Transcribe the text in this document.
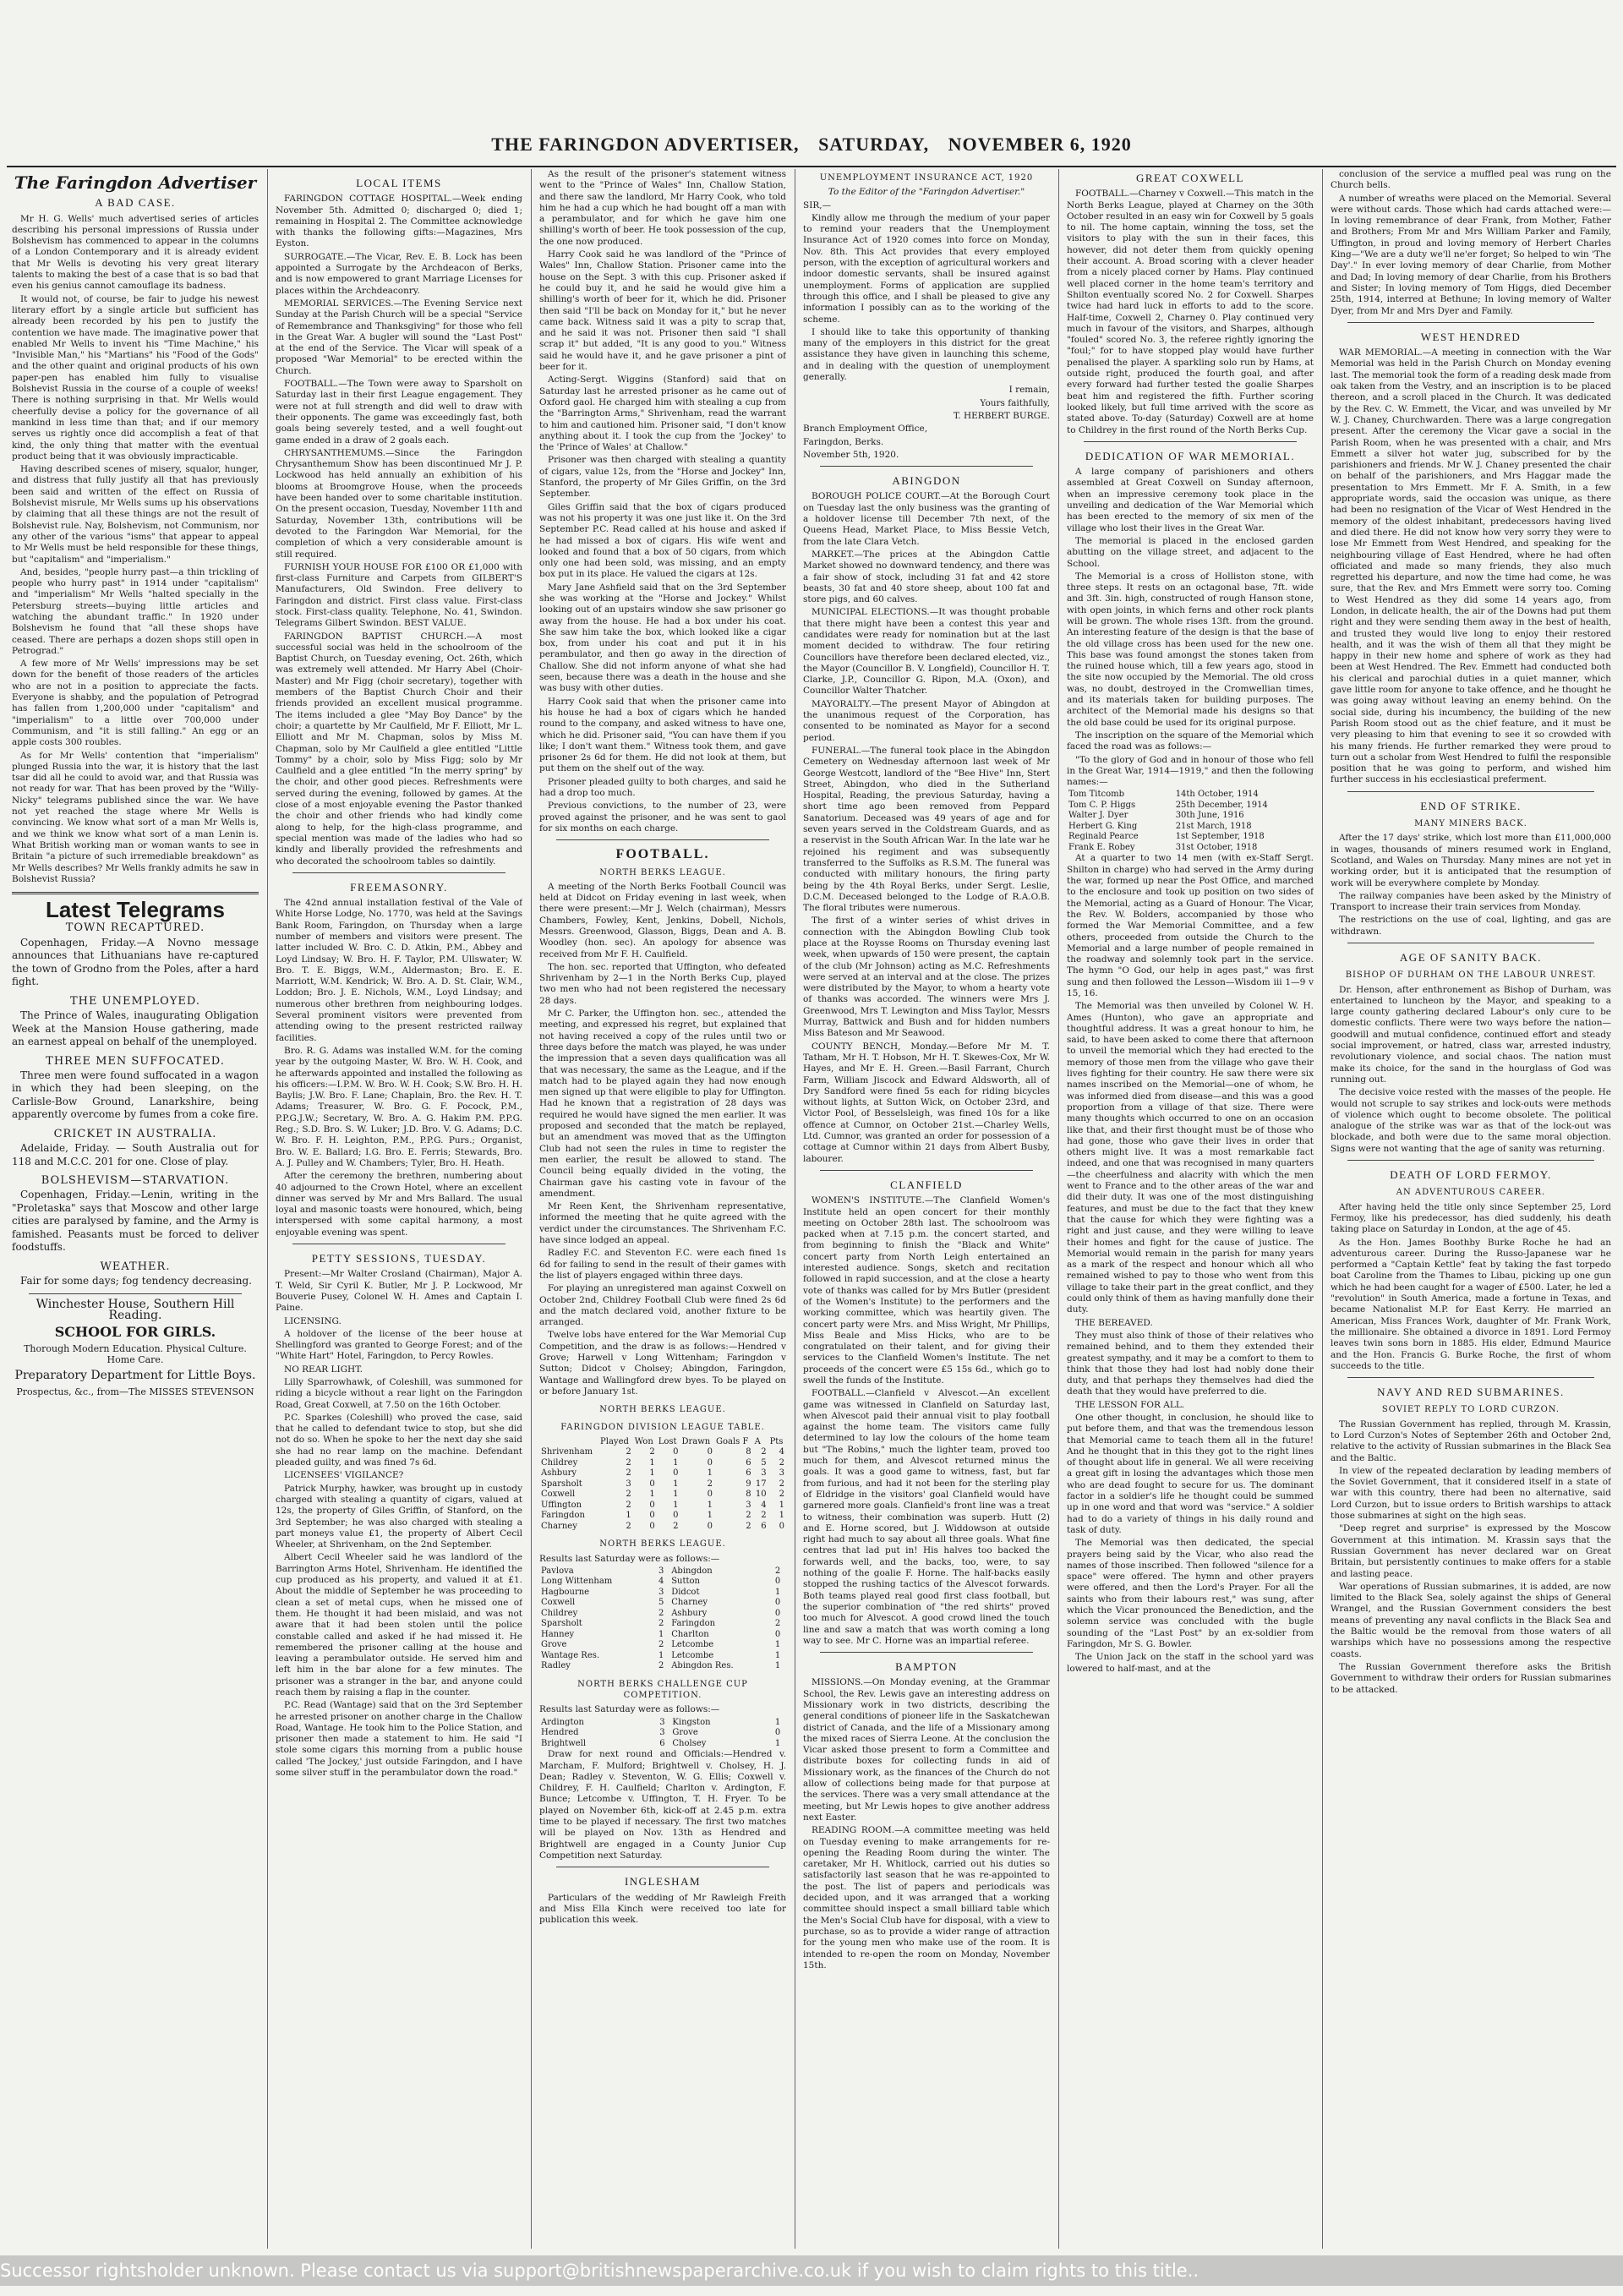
THE FARINGDON ADVERTISER, SATURDAY, NOVEMBER 6, 1920
The Faringdon Advertiser
A BAD CASE.

Mr H. G. Wells' much advertised series of articles describing his personal impressions of Russia under Bolshevism has commenced to appear in the columns of a London Contemporary and it is already evident that Mr Wells is devoting his very great literary talents to making the best of a case that is so bad that even his genius cannot camouflage its badness.

It would not, of course, be fair to judge his newest literary effort by a single article but sufficient has already been recorded by his pen to justify the contention we have made. The imaginative power that enabled Mr Wells to invent his "Time Machine," his "Invisible Man," his "Martians" his "Food of the Gods" and the other quaint and original products of his own paper-pen has enabled him fully to visualise Bolshevist Russia in the course of a couple of weeks! There is nothing surprising in that. Mr Wells would cheerfully devise a policy for the governance of all mankind in less time than that; and if our memory serves us rightly once did accomplish a feat of that kind, the only thing that matter with the eventual product being that it was obviously impracticable.

Having described scenes of misery, squalor, hunger, and distress that fully justify all that has previously been said and written of the effect on Russia of Bolshevist misrule, Mr Wells sums up his observations by claiming that all these things are not the result of Bolshevist rule. Nay, Bolshevism, not Communism, nor any other of the various "isms" that appear to appeal to Mr Wells must be held responsible for these things, but "capitalism" and "imperialism."

And, besides, "people hurry past—a thin trickling of people who hurry past" in 1914 under "capitalism" and "imperialism" Mr Wells "halted specially in the Petersburg streets—buying little articles and watching the abundant traffic." In 1920 under Bolshevism he found that "all these shops have ceased. There are perhaps a dozen shops still open in Petrograd."

A few more of Mr Wells' impressions may be set down for the benefit of those readers of the articles who are not in a position to appreciate the facts. Everyone is shabby, and the population of Petrograd has fallen from 1,200,000 under "capitalism" and "imperialism" to a little over 700,000 under Communism, and "it is still falling." An egg or an apple costs 300 roubles.

As for Mr Wells' contention that "imperialism" plunged Russia into the war, it is history that the last tsar did all he could to avoid war, and that Russia was not ready for war. That has been proved by the "Willy-Nicky" telegrams published since the war. We have not yet reached the stage where Mr Wells is convincing. We know what sort of a man Mr Wells is, and we think we know what sort of a man Lenin is. What British working man or woman wants to see in Britain "a picture of such irremediable breakdown" as Mr Wells describes? Mr Wells frankly admits he saw in Bolshevist Russia?

Latest Telegrams
TOWN RECAPTURED.

Copenhagen, Friday.—A Novno message announces that Lithuanians have re-captured the town of Grodno from the Poles, after a hard fight.

THE UNEMPLOYED.

The Prince of Wales, inaugurating Obligation Week at the Mansion House gathering, made an earnest appeal on behalf of the unemployed.

THREE MEN SUFFOCATED.

Three men were found suffocated in a wagon in which they had been sleeping, on the Carlisle-Bow Ground, Lanarkshire, being apparently overcome by fumes from a coke fire.

CRICKET IN AUSTRALIA.

Adelaide, Friday. — South Australia out for 118 and M.C.C. 201 for one. Close of play.

BOLSHEVISM—STARVATION.

Copenhagen, Friday.—Lenin, writing in the "Proletaska" says that Moscow and other large cities are paralysed by famine, and the Army is famished. Peasants must be forced to deliver foodstuffs.

WEATHER.

Fair for some days; fog tendency decreasing.

Winchester House, Southern Hill Reading.
SCHOOL FOR GIRLS.
Thorough Modern Education. Physical Culture. Home Care.
Preparatory Department for Little Boys.
Prospectus, &c., from—The MISSES STEVENSON
LOCAL ITEMS

FARINGDON COTTAGE HOSPITAL.—Week ending November 5th. Admitted 0; discharged 0; died 1; remaining in Hospital 2. The Committee acknowledge with thanks the following gifts:—Magazines, Mrs Eyston.

SURROGATE.—The Vicar, Rev. E. B. Lock has been appointed a Surrogate by the Archdeacon of Berks, and is now empowered to grant Marriage Licenses for places within the Archdeaconry.

MEMORIAL SERVICES.—The Evening Service next Sunday at the Parish Church will be a special "Service of Remembrance and Thanksgiving" for those who fell in the Great War. A bugler will sound the "Last Post" at the end of the Service. The Vicar will speak of a proposed "War Memorial" to be erected within the Church.

FOOTBALL.—The Town were away to Sparsholt on Saturday last in their first League engagement. They were not at full strength and did well to draw with their opponents. The game was exceedingly fast, both goals being severely tested, and a well fought-out game ended in a draw of 2 goals each.

CHRYSANTHEMUMS.—Since the Faringdon Chrysanthemum Show has been discontinued Mr J. P. Lockwood has held annually an exhibition of his blooms at Broomgrove House, when the proceeds have been handed over to some charitable institution. On the present occasion, Tuesday, November 11th and Saturday, November 13th, contributions will be devoted to the Faringdon War Memorial, for the completion of which a very considerable amount is still required.

FURNISH YOUR HOUSE FOR £100 OR £1,000 with first-class Furniture and Carpets from GILBERT'S Manufacturers, Old Swindon. Free delivery to Faringdon and district. First class value. First-class stock. First-class quality. Telephone, No. 41, Swindon. Telegrams Gilbert Swindon. BEST VALUE.

FARINGDON BAPTIST CHURCH.—A most successful social was held in the schoolroom of the Baptist Church, on Tuesday evening, Oct. 26th, which was extremely well attended. Mr Harry Abel (Choir-Master) and Mr Figg (choir secretary), together with members of the Baptist Church Choir and their friends provided an excellent musical programme. The items included a glee "May Boy Dance" by the choir; a quartette by Mr Caulfield, Mr F. Elliott, Mr L. Elliott and Mr M. Chapman, solos by Miss M. Chapman, solo by Mr Caulfield a glee entitled "Little Tommy" by a choir, solo by Miss Figg; solo by Mr Caulfield and a glee entitled "In the merry spring" by the choir, and other good pieces. Refreshments were served during the evening, followed by games. At the close of a most enjoyable evening the Pastor thanked the choir and other friends who had kindly come along to help, for the high-class programme, and special mention was made of the ladies who had so kindly and liberally provided the refreshments and who decorated the schoolroom tables so daintily.

FREEMASONRY.

The 42nd annual installation festival of the Vale of White Horse Lodge, No. 1770, was held at the Savings Bank Room, Faringdon, on Thursday when a large number of members and visitors were present. The latter included W. Bro. C. D. Atkin, P.M., Abbey and Loyd Lindsay; W. Bro. H. F. Taylor, P.M. Ullswater; W. Bro. T. E. Biggs, W.M., Aldermaston; Bro. E. E. Marriott, W.M. Kendrick; W. Bro. A. D. St. Clair, W.M., Loddon; Bro. J. E. Nichols, W.M., Loyd Lindsay; and numerous other brethren from neighbouring lodges. Several prominent visitors were prevented from attending owing to the present restricted railway facilities.

Bro. R. G. Adams was installed W.M. for the coming year by the outgoing Master, W. Bro. W. H. Cook, and he afterwards appointed and installed the following as his officers:—I.P.M. W. Bro. W. H. Cook; S.W. Bro. H. H. Baylis; J.W. Bro. F. Lane; Chaplain, Bro. the Rev. H. T. Adams; Treasurer, W. Bro. G. F. Pocock, P.M., P.P.G.J.W.; Secretary, W. Bro. A. G. Hakim P.M. P.P.G. Reg.; S.D. Bro. S. W. Luker; J.D. Bro. V. G. Adams; D.C. W. Bro. F. H. Leighton, P.M., P.P.G. Purs.; Organist, Bro. W. E. Ballard; I.G. Bro. E. Ferris; Stewards, Bro. A. J. Pulley and W. Chambers; Tyler, Bro. H. Heath.

After the ceremony the brethren, numbering about 40 adjourned to the Crown Hotel, where an excellent dinner was served by Mr and Mrs Ballard. The usual loyal and masonic toasts were honoured, which, being interspersed with some capital harmony, a most enjoyable evening was spent.

PETTY SESSIONS, TUESDAY.

Present:—Mr Walter Crosland (Chairman), Major A. T. Weld, Sir Cyril K. Butler, Mr J. P. Lockwood, Mr Bouverie Pusey, Colonel W. H. Ames and Captain I. Paine.

LICENSING.

A holdover of the license of the beer house at Shellingford was granted to George Forest; and of the "White Hart" Hotel, Faringdon, to Percy Rowles.

NO REAR LIGHT.

Lilly Sparrowhawk, of Coleshill, was summoned for riding a bicycle without a rear light on the Faringdon Road, Great Coxwell, at 7.50 on the 16th October.

P.C. Sparkes (Coleshill) who proved the case, said that he called to defendant twice to stop, but she did not do so. When he spoke to her the next day she said she had no rear lamp on the machine. Defendant pleaded guilty, and was fined 7s 6d.

LICENSEES' VIGILANCE?

Patrick Murphy, hawker, was brought up in custody charged with stealing a quantity of cigars, valued at 12s, the property of Giles Griffin, of Stanford, on the 3rd September; he was also charged with stealing a part moneys value £1, the property of Albert Cecil Wheeler, at Shrivenham, on the 2nd September.

Albert Cecil Wheeler said he was landlord of the Barrington Arms Hotel, Shrivenham. He identified the cup produced as his property, and valued it at £1. About the middle of September he was proceeding to clean a set of metal cups, when he missed one of them. He thought it had been mislaid, and was not aware that it had been stolen until the police constable called and asked if he had missed it. He remembered the prisoner calling at the house and leaving a perambulator outside. He served him and left him in the bar alone for a few minutes. The prisoner was a stranger in the bar, and anyone could reach them by raising a flap in the counter.

P.C. Read (Wantage) said that on the 3rd September he arrested prisoner on another charge in the Challow Road, Wantage. He took him to the Police Station, and prisoner then made a statement to him. He said "I stole some cigars this morning from a public house called 'The Jockey,' just outside Faringdon, and I have some silver stuff in the perambulator down the road."

As the result of the prisoner's statement witness went to the "Prince of Wales" Inn, Challow Station, and there saw the landlord, Mr Harry Cook, who told him he had a cup which he had bought off a man with a perambulator, and for which he gave him one shilling's worth of beer. He took possession of the cup, the one now produced.

Harry Cook said he was landlord of the "Prince of Wales" Inn, Challow Station. Prisoner came into the house on the Sept. 3 with this cup. Prisoner asked if he could buy it, and he said he would give him a shilling's worth of beer for it, which he did. Prisoner then said "I'll be back on Monday for it," but he never came back. Witness said it was a pity to scrap that, and he said it was not. Prisoner then said "I shall scrap it" but added, "It is any good to you." Witness said he would have it, and he gave prisoner a pint of beer for it.

Acting-Sergt. Wiggins (Stanford) said that on Saturday last he arrested prisoner as he came out of Oxford gaol. He charged him with stealing a cup from the "Barrington Arms," Shrivenham, read the warrant to him and cautioned him. Prisoner said, "I don't know anything about it. I took the cup from the 'Jockey' to the 'Prince of Wales' at Challow."

Prisoner was then charged with stealing a quantity of cigars, value 12s, from the "Horse and Jockey" Inn, Stanford, the property of Mr Giles Griffin, on the 3rd September.

Giles Griffin said that the box of cigars produced was not his property it was one just like it. On the 3rd September P.C. Read called at his house and asked if he had missed a box of cigars. His wife went and looked and found that a box of 50 cigars, from which only one had been sold, was missing, and an empty box put in its place. He valued the cigars at 12s.

Mary Jane Ashfield said that on the 3rd September she was working at the "Horse and Jockey." Whilst looking out of an upstairs window she saw prisoner go away from the house. He had a box under his coat. She saw him take the box, which looked like a cigar box, from under his coat and put it in his perambulator, and then go away in the direction of Challow. She did not inform anyone of what she had seen, because there was a death in the house and she was busy with other duties.

Harry Cook said that when the prisoner came into his house he had a box of cigars which he handed round to the company, and asked witness to have one, which he did. Prisoner said, "You can have them if you like; I don't want them." Witness took them, and gave prisoner 2s 6d for them. He did not look at them, but put them on the shelf out of the way.

Prisoner pleaded guilty to both charges, and said he had a drop too much.

Previous convictions, to the number of 23, were proved against the prisoner, and he was sent to gaol for six months on each charge.

FOOTBALL.
NORTH BERKS LEAGUE.

A meeting of the North Berks Football Council was held at Didcot on Friday evening in last week, when there were present:—Mr J. Welch (chairman), Messrs Chambers, Fowley, Kent, Jenkins, Dobell, Nichols, Messrs. Greenwood, Glasson, Biggs, Dean and A. B. Woodley (hon. sec). An apology for absence was received from Mr F. H. Caulfield.

The hon. sec. reported that Uffington, who defeated Shrivenham by 2—1 in the North Berks Cup, played two men who had not been registered the necessary 28 days.

Mr C. Parker, the Uffington hon. sec., attended the meeting, and expressed his regret, but explained that not having received a copy of the rules until two or three days before the match was played, he was under the impression that a seven days qualification was all that was necessary, the same as the League, and if the match had to be played again they had now enough men signed up that were eligible to play for Uffington. Had he known that a registration of 28 days was required he would have signed the men earlier. It was proposed and seconded that the match be replayed, but an amendment was moved that as the Uffington Club had not seen the rules in time to register the men earlier, the result be allowed to stand. The Council being equally divided in the voting, the Chairman gave his casting vote in favour of the amendment.

Mr Reen Kent, the Shrivenham representative, informed the meeting that he quite agreed with the verdict under the circumstances. The Shrivenham F.C. have since lodged an appeal.

Radley F.C. and Steventon F.C. were each fined 1s 6d for failing to send in the result of their games with the list of players engaged within three days.

For playing an unregistered man against Coxwell on October 2nd, Childrey Football Club were fined 2s 6d and the match declared void, another fixture to be arranged.

Twelve lobs have entered for the War Memorial Cup Competition, and the draw is as follows:—Hendred v Grove; Harwell v Long Wittenham; Faringdon v Sutton; Didcot v Cholsey; Abingdon, Faringdon, Wantage and Wallingford drew byes. To be played on or before January 1st.

NORTH BERKS LEAGUE.
FARINGDON DIVISION LEAGUE TABLE.
	Played	Won	Lost	Drawn	Goals F	A	Pts
Shrivenham	2	2	0	0	8	2	4
Childrey	2	1	1	0	6	5	2
Ashbury	2	1	0	1	6	3	3
Sparsholt	3	0	1	2	9	17	2
Coxwell	2	1	1	0	8	10	2
Uffington	2	0	1	1	3	4	1
Faringdon	1	0	0	1	2	2	1
Charney	2	0	2	0	2	6	0
NORTH BERKS LEAGUE.

Results last Saturday were as follows:—

Pavlova	3	Abingdon	2
Long Wittenham	4	Sutton	0
Hagbourne	3	Didcot	1
Coxwell	5	Charney	0
Childrey	2	Ashbury	0
Sparsholt	2	Faringdon	2
Hanney	1	Charlton	0
Grove	2	Letcombe	1
Wantage Res.	1	Letcombe	1
Radley	2	Abingdon Res.	1
NORTH BERKS CHALLENGE CUP COMPETITION.

Results last Saturday were as follows:—

Ardington	3	Kingston	1
Hendred	3	Grove	0
Brightwell	6	Cholsey	1

Draw for next round and Officials:—Hendred v. Marcham, F. Mulford; Brightwell v. Cholsey, H. J. Dean; Radley v. Steventon, W. G. Ellis; Coxwell v. Childrey, F. H. Caulfield; Charlton v. Ardington, F. Bunce; Letcombe v. Uffington, T. H. Fryer. To be played on November 6th, kick-off at 2.45 p.m. extra time to be played if necessary. The first two matches will be played on Nov. 13th as Hendred and Brightwell are engaged in a County Junior Cup Competition next Saturday.

INGLESHAM

Particulars of the wedding of Mr Rawleigh Freith and Miss Ella Kinch were received too late for publication this week.

UNEMPLOYMENT INSURANCE ACT, 1920

To the Editor of the "Faringdon Advertiser."

SIR,—

Kindly allow me through the medium of your paper to remind your readers that the Unemployment Insurance Act of 1920 comes into force on Monday, Nov. 8th. This Act provides that every employed person, with the exception of agricultural workers and indoor domestic servants, shall be insured against unemployment. Forms of application are supplied through this office, and I shall be pleased to give any information I possibly can as to the working of the scheme.

I should like to take this opportunity of thanking many of the employers in this district for the great assistance they have given in launching this scheme, and in dealing with the question of unemployment generally.

I remain,

Yours faithfully,

T. HERBERT BURGE.

Branch Employment Office,

Faringdon, Berks.

November 5th, 1920.

ABINGDON

BOROUGH POLICE COURT.—At the Borough Court on Tuesday last the only business was the granting of a holdover license till December 7th next, of the Queens Head, Market Place, to Miss Bessie Vetch, from the late Clara Vetch.

MARKET.—The prices at the Abingdon Cattle Market showed no downward tendency, and there was a fair show of stock, including 31 fat and 42 store beasts, 30 fat and 40 store sheep, about 100 fat and store pigs, and 60 calves.

MUNICIPAL ELECTIONS.—It was thought probable that there might have been a contest this year and candidates were ready for nomination but at the last moment decided to withdraw. The four retiring Councillors have therefore been declared elected, viz., the Mayor (Councillor B. V. Longfield), Councillor H. T. Clarke, J.P., Councillor G. Ripon, M.A. (Oxon), and Councillor Walter Thatcher.

MAYORALTY.—The present Mayor of Abingdon at the unanimous request of the Corporation, has consented to be nominated as Mayor for a second period.

FUNERAL.—The funeral took place in the Abingdon Cemetery on Wednesday afternoon last week of Mr George Westcott, landlord of the "Bee Hive" Inn, Stert Street, Abingdon, who died in the Sutherland Hospital, Reading, the previous Saturday, having a short time ago been removed from Peppard Sanatorium. Deceased was 49 years of age and for seven years served in the Coldstream Guards, and as a reservist in the South African War. In the late war he rejoined his regiment and was subsequently transferred to the Suffolks as R.S.M. The funeral was conducted with military honours, the firing party being by the 4th Royal Berks, under Sergt. Leslie, D.C.M. Deceased belonged to the Lodge of R.A.O.B. The floral tributes were numerous.

The first of a winter series of whist drives in connection with the Abingdon Bowling Club took place at the Roysse Rooms on Thursday evening last week, when upwards of 150 were present, the captain of the club (Mr Johnson) acting as M.C. Refreshments were served at an interval and at the close. The prizes were distributed by the Mayor, to whom a hearty vote of thanks was accorded. The winners were Mrs J. Greenwood, Mrs T. Lewington and Miss Taylor, Messrs Murray, Battwick and Bush and for hidden numbers Miss Bateson and Mr Seawood.

COUNTY BENCH, Monday.—Before Mr M. T. Tatham, Mr H. T. Hobson, Mr H. T. Skewes-Cox, Mr W. Hayes, and Mr E. H. Green.—Basil Farrant, Church Farm, William Jiscock and Edward Aldsworth, all of Dry Sandford were fined 5s each for riding bicycles without lights, at Sutton Wick, on October 23rd, and Victor Pool, of Besselsleigh, was fined 10s for a like offence at Cumnor, on October 21st.—Charley Wells, Ltd. Cumnor, was granted an order for possession of a cottage at Cumnor within 21 days from Albert Busby, labourer.

CLANFIELD

WOMEN'S INSTITUTE.—The Clanfield Women's Institute held an open concert for their monthly meeting on October 28th last. The schoolroom was packed when at 7.15 p.m. the concert started, and from beginning to finish the "Black and White" concert party from North Leigh entertained an interested audience. Songs, sketch and recitation followed in rapid succession, and at the close a hearty vote of thanks was called for by Mrs Butler (president of the Women's Institute) to the performers and the working committee, which was heartily given. The concert party were Mrs. and Miss Wright, Mr Phillips, Miss Beale and Miss Hicks, who are to be congratulated on their talent, and for giving their services to the Clanfield Women's Institute. The net proceeds of the concert were £5 15s 6d., which go to swell the funds of the Institute.

FOOTBALL.—Clanfield v Alvescot.—An excellent game was witnessed in Clanfield on Saturday last, when Alvescot paid their annual visit to play football against the home team. The visitors came fully determined to lay low the colours of the home team but "The Robins," much the lighter team, proved too much for them, and Alvescot returned minus the goals. It was a good game to witness, fast, but far from furious, and had it not been for the sterling play of Eldridge in the visitors' goal Clanfield would have garnered more goals. Clanfield's front line was a treat to witness, their combination was superb. Hutt (2) and E. Horne scored, but J. Widdowson at outside right had much to say about all three goals. What fine centres that lad put in! His halves too backed the forwards well, and the backs, too, were, to say nothing of the goalie F. Horne. The half-backs easily stopped the rushing tactics of the Alvescot forwards. Both teams played real good first class football, but the superior combination of "the red shirts" proved too much for Alvescot. A good crowd lined the touch line and saw a match that was worth coming a long way to see. Mr C. Horne was an impartial referee.

BAMPTON

MISSIONS.—On Monday evening, at the Grammar School, the Rev. Lewis gave an interesting address on Missionary work in two districts, describing the general conditions of pioneer life in the Saskatchewan district of Canada, and the life of a Missionary among the mixed races of Sierra Leone. At the conclusion the Vicar asked those present to form a Committee and distribute boxes for collecting funds in aid of Missionary work, as the finances of the Church do not allow of collections being made for that purpose at the services. There was a very small attendance at the meeting, but Mr Lewis hopes to give another address next Easter.

READING ROOM.—A committee meeting was held on Tuesday evening to make arrangements for re-opening the Reading Room during the winter. The caretaker, Mr H. Whitlock, carried out his duties so satisfactorily last season that he was re-appointed to the post. The list of papers and periodicals was decided upon, and it was arranged that a working committee should inspect a small billiard table which the Men's Social Club have for disposal, with a view to purchase, so as to provide a wider range of attraction for the young men who make use of the room. It is intended to re-open the room on Monday, November 15th.

GREAT COXWELL

FOOTBALL.—Charney v Coxwell.—This match in the North Berks League, played at Charney on the 30th October resulted in an easy win for Coxwell by 5 goals to nil. The home captain, winning the toss, set the visitors to play with the sun in their faces, this however, did not deter them from quickly opening their account. A. Broad scoring with a clever header from a nicely placed corner by Hams. Play continued well placed corner in the home team's territory and Shilton eventually scored No. 2 for Coxwell. Sharpes twice had hard luck in efforts to add to the score. Half-time, Coxwell 2, Charney 0. Play continued very much in favour of the visitors, and Sharpes, although "fouled" scored No. 3, the referee rightly ignoring the "foul;" for to have stopped play would have further penalised the player. A sparkling solo run by Hams, at outside right, produced the fourth goal, and after every forward had further tested the goalie Sharpes beat him and registered the fifth. Further scoring looked likely, but full time arrived with the score as stated above. To-day (Saturday) Coxwell are at home to Childrey in the first round of the North Berks Cup.

DEDICATION OF WAR MEMORIAL.

A large company of parishioners and others assembled at Great Coxwell on Sunday afternoon, when an impressive ceremony took place in the unveiling and dedication of the War Memorial which has been erected to the memory of six men of the village who lost their lives in the Great War.

The memorial is placed in the enclosed garden abutting on the village street, and adjacent to the School.

The Memorial is a cross of Holliston stone, with three steps. It rests on an octagonal base, 7ft. wide and 3ft. 3in. high, constructed of rough Hanson stone, with open joints, in which ferns and other rock plants will be grown. The whole rises 13ft. from the ground. An interesting feature of the design is that the base of the old village cross has been used for the new one. This base was found amongst the stones taken from the ruined house which, till a few years ago, stood in the site now occupied by the Memorial. The old cross was, no doubt, destroyed in the Cromwellian times, and its materials taken for building purposes. The architect of the Memorial made his designs so that the old base could be used for its original purpose.

The inscription on the square of the Memorial which faced the road was as follows:—

"To the glory of God and in honour of those who fell in the Great War, 1914—1919," and then the following names:—

Tom Titcomb	14th October, 1914
Tom C. P. Higgs	25th December, 1914
Walter J. Dyer	30th June, 1916
Herbert G. King	21st March, 1918
Reginald Pearce	1st September, 1918
Frank E. Robey	31st October, 1918

At a quarter to two 14 men (with ex-Staff Sergt. Shilton in charge) who had served in the Army during the war, formed up near the Post Office, and marched to the enclosure and took up position on two sides of the Memorial, acting as a Guard of Honour. The Vicar, the Rev. W. Bolders, accompanied by those who formed the War Memorial Committee, and a few others, proceeded from outside the Church to the Memorial and a large number of people remained in the roadway and solemnly took part in the service. The hymn "O God, our help in ages past," was first sung and then followed the Lesson—Wisdom iii 1—9 v 15, 16.

The Memorial was then unveiled by Colonel W. H. Ames (Hunton), who gave an appropriate and thoughtful address. It was a great honour to him, he said, to have been asked to come there that afternoon to unveil the memorial which they had erected to the memory of those men from the village who gave their lives fighting for their country. He saw there were six names inscribed on the Memorial—one of whom, he was informed died from disease—and this was a good proportion from a village of that size. There were many thoughts which occurred to one on an occasion like that, and their first thought must be of those who had gone, those who gave their lives in order that others might live. It was a most remarkable fact indeed, and one that was recognised in many quarters—the cheerfulness and alacrity with which the men went to France and to the other areas of the war and did their duty. It was one of the most distinguishing features, and must be due to the fact that they knew that the cause for which they were fighting was a right and just cause, and they were willing to leave their homes and fight for the cause of justice. The Memorial would remain in the parish for many years as a mark of the respect and honour which all who remained wished to pay to those who went from this village to take their part in the great conflict, and they could only think of them as having manfully done their duty.

THE BEREAVED.

They must also think of those of their relatives who remained behind, and to them they extended their greatest sympathy, and it may be a comfort to them to think that those they had lost had nobly done their duty, and that perhaps they themselves had died the death that they would have preferred to die.

THE LESSON FOR ALL.

One other thought, in conclusion, he should like to put before them, and that was the tremendous lesson that Memorial came to teach them all in the future! And he thought that in this they got to the right lines of thought about life in general. We all were receiving a great gift in losing the advantages which those men who are dead fought to secure for us. The dominant factor in a soldier's life he thought could be summed up in one word and that word was "service." A soldier had to do a variety of things in his daily round and task of duty.

The Memorial was then dedicated, the special prayers being said by the Vicar, who also read the names of those inscribed. Then followed "silence for a space" were offered. The hymn and other prayers were offered, and then the Lord's Prayer. For all the saints who from their labours rest," was sung, after which the Vicar pronounced the Benediction, and the solemn service was concluded with the bugle sounding of the "Last Post" by an ex-soldier from Faringdon, Mr S. G. Bowler.

The Union Jack on the staff in the school yard was lowered to half-mast, and at the

conclusion of the service a muffled peal was rung on the Church bells.

A number of wreaths were placed on the Memorial. Several were without cards. Those which had cards attached were:—In loving remembrance of dear Frank, from Mother, Father and Brothers; From Mr and Mrs William Parker and Family, Uffington, in proud and loving memory of Herbert Charles King—"We are a duty we'll ne'er forget; So helped to win 'The Day'." In ever loving memory of dear Charlie, from Mother and Dad; In loving memory of dear Charlie, from his Brothers and Sister; In loving memory of Tom Higgs, died December 25th, 1914, interred at Bethune; In loving memory of Walter Dyer, from Mr and Mrs Dyer and Family.

WEST HENDRED

WAR MEMORIAL.—A meeting in connection with the War Memorial was held in the Parish Church on Monday evening last. The memorial took the form of a reading desk made from oak taken from the Vestry, and an inscription is to be placed thereon, and a scroll placed in the Church. It was dedicated by the Rev. C. W. Emmett, the Vicar, and was unveiled by Mr W. J. Chaney, Churchwarden. There was a large congregation present. After the ceremony the Vicar gave a social in the Parish Room, when he was presented with a chair, and Mrs Emmett a silver hot water jug, subscribed for by the parishioners and friends. Mr W. J. Chaney presented the chair on behalf of the parishioners, and Mrs Haggar made the presentation to Mrs Emmett. Mr F. A. Smith, in a few appropriate words, said the occasion was unique, as there had been no resignation of the Vicar of West Hendred in the memory of the oldest inhabitant, predecessors having lived and died there. He did not know how very sorry they were to lose Mr Emmett from West Hendred, and speaking for the neighbouring village of East Hendred, where he had often officiated and made so many friends, they also much regretted his departure, and now the time had come, he was sure, that the Rev. and Mrs Emmett were sorry too. Coming to West Hendred as they did some 14 years ago, from London, in delicate health, the air of the Downs had put them right and they were sending them away in the best of health, and trusted they would live long to enjoy their restored health, and it was the wish of them all that they might be happy in their new home and sphere of work as they had been at West Hendred. The Rev. Emmett had conducted both his clerical and parochial duties in a quiet manner, which gave little room for anyone to take offence, and he thought he was going away without leaving an enemy behind. On the social side, during his incumbency, the building of the new Parish Room stood out as the chief feature, and it must be very pleasing to him that evening to see it so crowded with his many friends. He further remarked they were proud to turn out a scholar from West Hendred to fulfil the responsible position that he was going to perform, and wished him further success in his ecclesiastical preferment.

END OF STRIKE.
MANY MINERS BACK.

After the 17 days' strike, which lost more than £11,000,000 in wages, thousands of miners resumed work in England, Scotland, and Wales on Thursday. Many mines are not yet in working order, but it is anticipated that the resumption of work will be everywhere complete by Monday.

The railway companies have been asked by the Ministry of Transport to increase their train services from Monday.

The restrictions on the use of coal, lighting, and gas are withdrawn.

AGE OF SANITY BACK.
BISHOP OF DURHAM ON THE LABOUR UNREST.

Dr. Henson, after enthronement as Bishop of Durham, was entertained to luncheon by the Mayor, and speaking to a large county gathering declared Labour's only cure to be domestic conflicts. There were two ways before the nation—goodwill and mutual confidence, continued effort and steady social improvement, or hatred, class war, arrested industry, revolutionary violence, and social chaos. The nation must make its choice, for the sand in the hourglass of God was running out.

The decisive voice rested with the masses of the people. He would not scruple to say strikes and lock-outs were methods of violence which ought to become obsolete. The political analogue of the strike was war as that of the lock-out was blockade, and both were due to the same moral objection. Signs were not wanting that the age of sanity was returning.

DEATH OF LORD FERMOY.
AN ADVENTUROUS CAREER.

After having held the title only since September 25, Lord Fermoy, like his predecessor, has died suddenly, his death taking place on Saturday in London, at the age of 45.

As the Hon. James Boothby Burke Roche he had an adventurous career. During the Russo-Japanese war he performed a "Captain Kettle" feat by taking the fast torpedo boat Caroline from the Thames to Libau, picking up one gun which he had been caught for a wager of £500. Later, he led a "revolution" in South America, made a fortune in Texas, and became Nationalist M.P. for East Kerry. He married an American, Miss Frances Work, daughter of Mr. Frank Work, the millionaire. She obtained a divorce in 1891. Lord Fermoy leaves twin sons born in 1885. His elder, Edmund Maurice and the Hon. Francis G. Burke Roche, the first of whom succeeds to the title.

NAVY AND RED SUBMARINES.
SOVIET REPLY TO LORD CURZON.

The Russian Government has replied, through M. Krassin, to Lord Curzon's Notes of September 26th and October 2nd, relative to the activity of Russian submarines in the Black Sea and the Baltic.

In view of the repeated declaration by leading members of the Soviet Government, that it considered itself in a state of war with this country, there had been no alternative, said Lord Curzon, but to issue orders to British warships to attack those submarines at sight on the high seas.

"Deep regret and surprise" is expressed by the Moscow Government at this intimation. M. Krassin says that the Russian Government has never declared war on Great Britain, but persistently continues to make offers for a stable and lasting peace.

War operations of Russian submarines, it is added, are now limited to the Black Sea, solely against the ships of General Wrangel, and the Russian Government considers the best means of preventing any naval conflicts in the Black Sea and the Baltic would be the removal from those waters of all warships which have no possessions among the respective coasts.

The Russian Government therefore asks the British Government to withdraw their orders for Russian submarines to be attacked.

Successor rightsholder unknown. Please contact us via support@britishnewspaperarchive.co.uk if you wish to claim rights to this title..
